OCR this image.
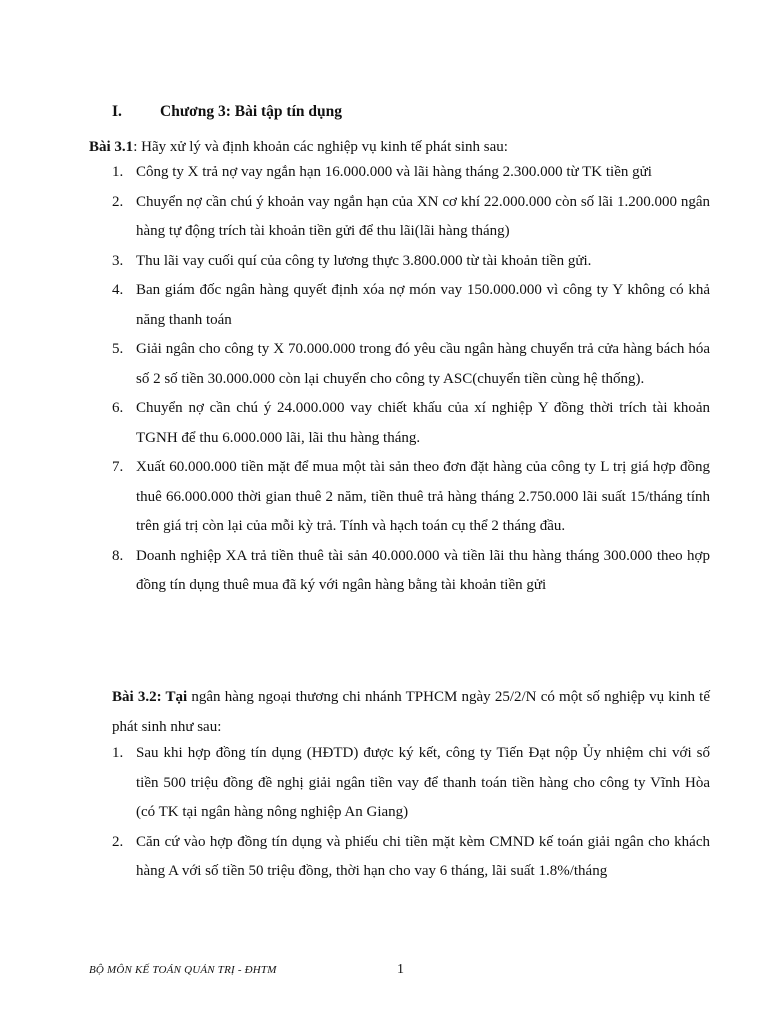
I. Chương 3: Bài tập tín dụng
Bài 3.1: Hãy xử lý và định khoản các nghiệp vụ kinh tế phát sinh sau:
1. Công ty X trả nợ vay ngắn hạn 16.000.000 và lãi hàng tháng 2.300.000 từ TK tiền gửi
2. Chuyển nợ cần chú ý khoản vay ngắn hạn của XN cơ khí 22.000.000 còn số lãi 1.200.000 ngân hàng tự động trích tài khoản tiền gửi để thu lãi(lãi hàng tháng)
3. Thu lãi vay cuối quí của công ty lương thực 3.800.000 từ tài khoản tiền gửi.
4. Ban giám đốc ngân hàng quyết định xóa nợ món vay 150.000.000 vì công ty Y không có khả năng thanh toán
5. Giải ngân cho công ty X 70.000.000 trong đó yêu cầu ngân hàng chuyển trả cửa hàng bách hóa số 2 số tiền 30.000.000 còn lại chuyển cho công ty ASC(chuyển tiền cùng hệ thống).
6. Chuyển nợ cần chú ý 24.000.000 vay chiết khấu của xí nghiệp Y đồng thời trích tài khoản TGNH để thu 6.000.000 lãi, lãi thu hàng tháng.
7. Xuất 60.000.000 tiền mặt để mua một tài sản theo đơn đặt hàng của công ty L trị giá hợp đồng thuê 66.000.000 thời gian thuê 2 năm, tiền thuê trả hàng tháng 2.750.000 lãi suất 15/tháng tính trên giá trị còn lại của mỗi kỳ trả. Tính và hạch toán cụ thể 2 tháng đầu.
8. Doanh nghiệp XA trả tiền thuê tài sản 40.000.000 và tiền lãi thu hàng tháng 300.000 theo hợp đồng tín dụng thuê mua đã ký với ngân hàng bằng tài khoản tiền gửi
Bài 3.2: Tại ngân hàng ngoại thương chi nhánh TPHCM ngày 25/2/N có một số nghiệp vụ kinh tế phát sinh như sau:
1. Sau khi hợp đồng tín dụng (HĐTD) được ký kết, công ty Tiến Đạt nộp Ủy nhiệm chi với số tiền 500 triệu đồng đề nghị giải ngân tiền vay để thanh toán tiền hàng cho công ty Vĩnh Hòa (có TK tại ngân hàng nông nghiệp An Giang)
2. Căn cứ vào hợp đồng tín dụng và phiếu chi tiền mặt kèm CMND kế toán giải ngân cho khách hàng A với số tiền 50 triệu đồng, thời hạn cho vay 6 tháng, lãi suất 1.8%/tháng
BỘ MÔN KẾ TOÁN QUẢN TRỊ - ĐHTM	1
